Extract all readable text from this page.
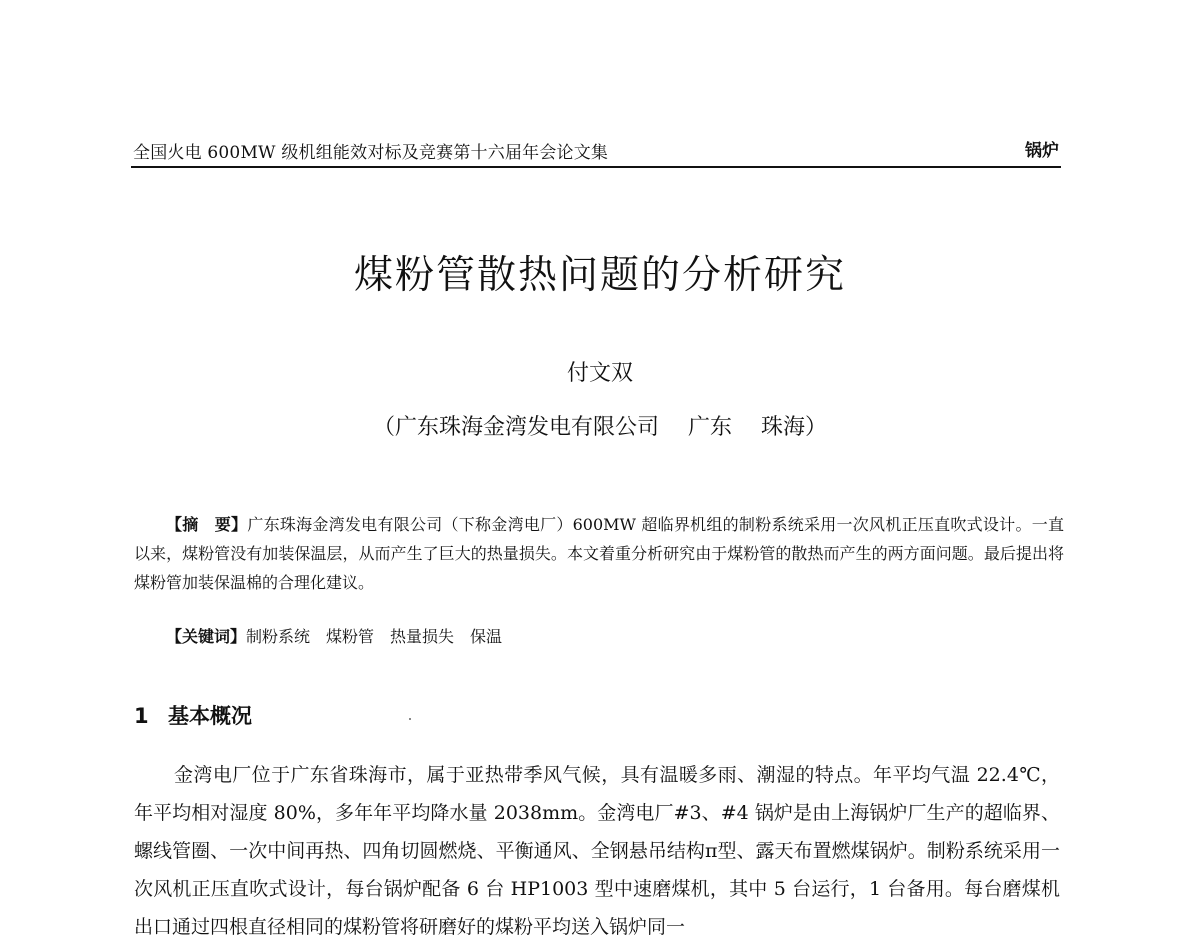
全国火电 600MW 级机组能效对标及竞赛第十六届年会论文集	锅炉
煤粉管散热问题的分析研究
付文双
（广东珠海金湾发电有限公司　 广东　 珠海）

【摘　要】广东珠海金湾发电有限公司（下称金湾电厂）600MW 超临界机组的制粉系统采用一次风机正压直吹式设计。一直以来，煤粉管没有加装保温层，从而产生了巨大的热量损失。本文着重分析研究由于煤粉管的散热而产生的两方面问题。最后提出将煤粉管加装保温棉的合理化建议。

【关键词】制粉系统　煤粉管　热量损失　保温
1 基本概况

金湾电厂位于广东省珠海市，属于亚热带季风气候，具有温暖多雨、潮湿的特点。年平均气温 22.4℃，年平均相对湿度 80%，多年年平均降水量 2038mm。金湾电厂#3、#4 锅炉是由上海锅炉厂生产的超临界、螺线管圈、一次中间再热、四角切圆燃烧、平衡通风、全钢悬吊结构π型、露天布置燃煤锅炉。制粉系统采用一次风机正压直吹式设计，每台锅炉配备 6 台 HP1003 型中速磨煤机，其中 5 台运行，1 台备用。每台磨煤机出口通过四根直径相同的煤粉管将研磨好的煤粉平均送入锅炉同一
